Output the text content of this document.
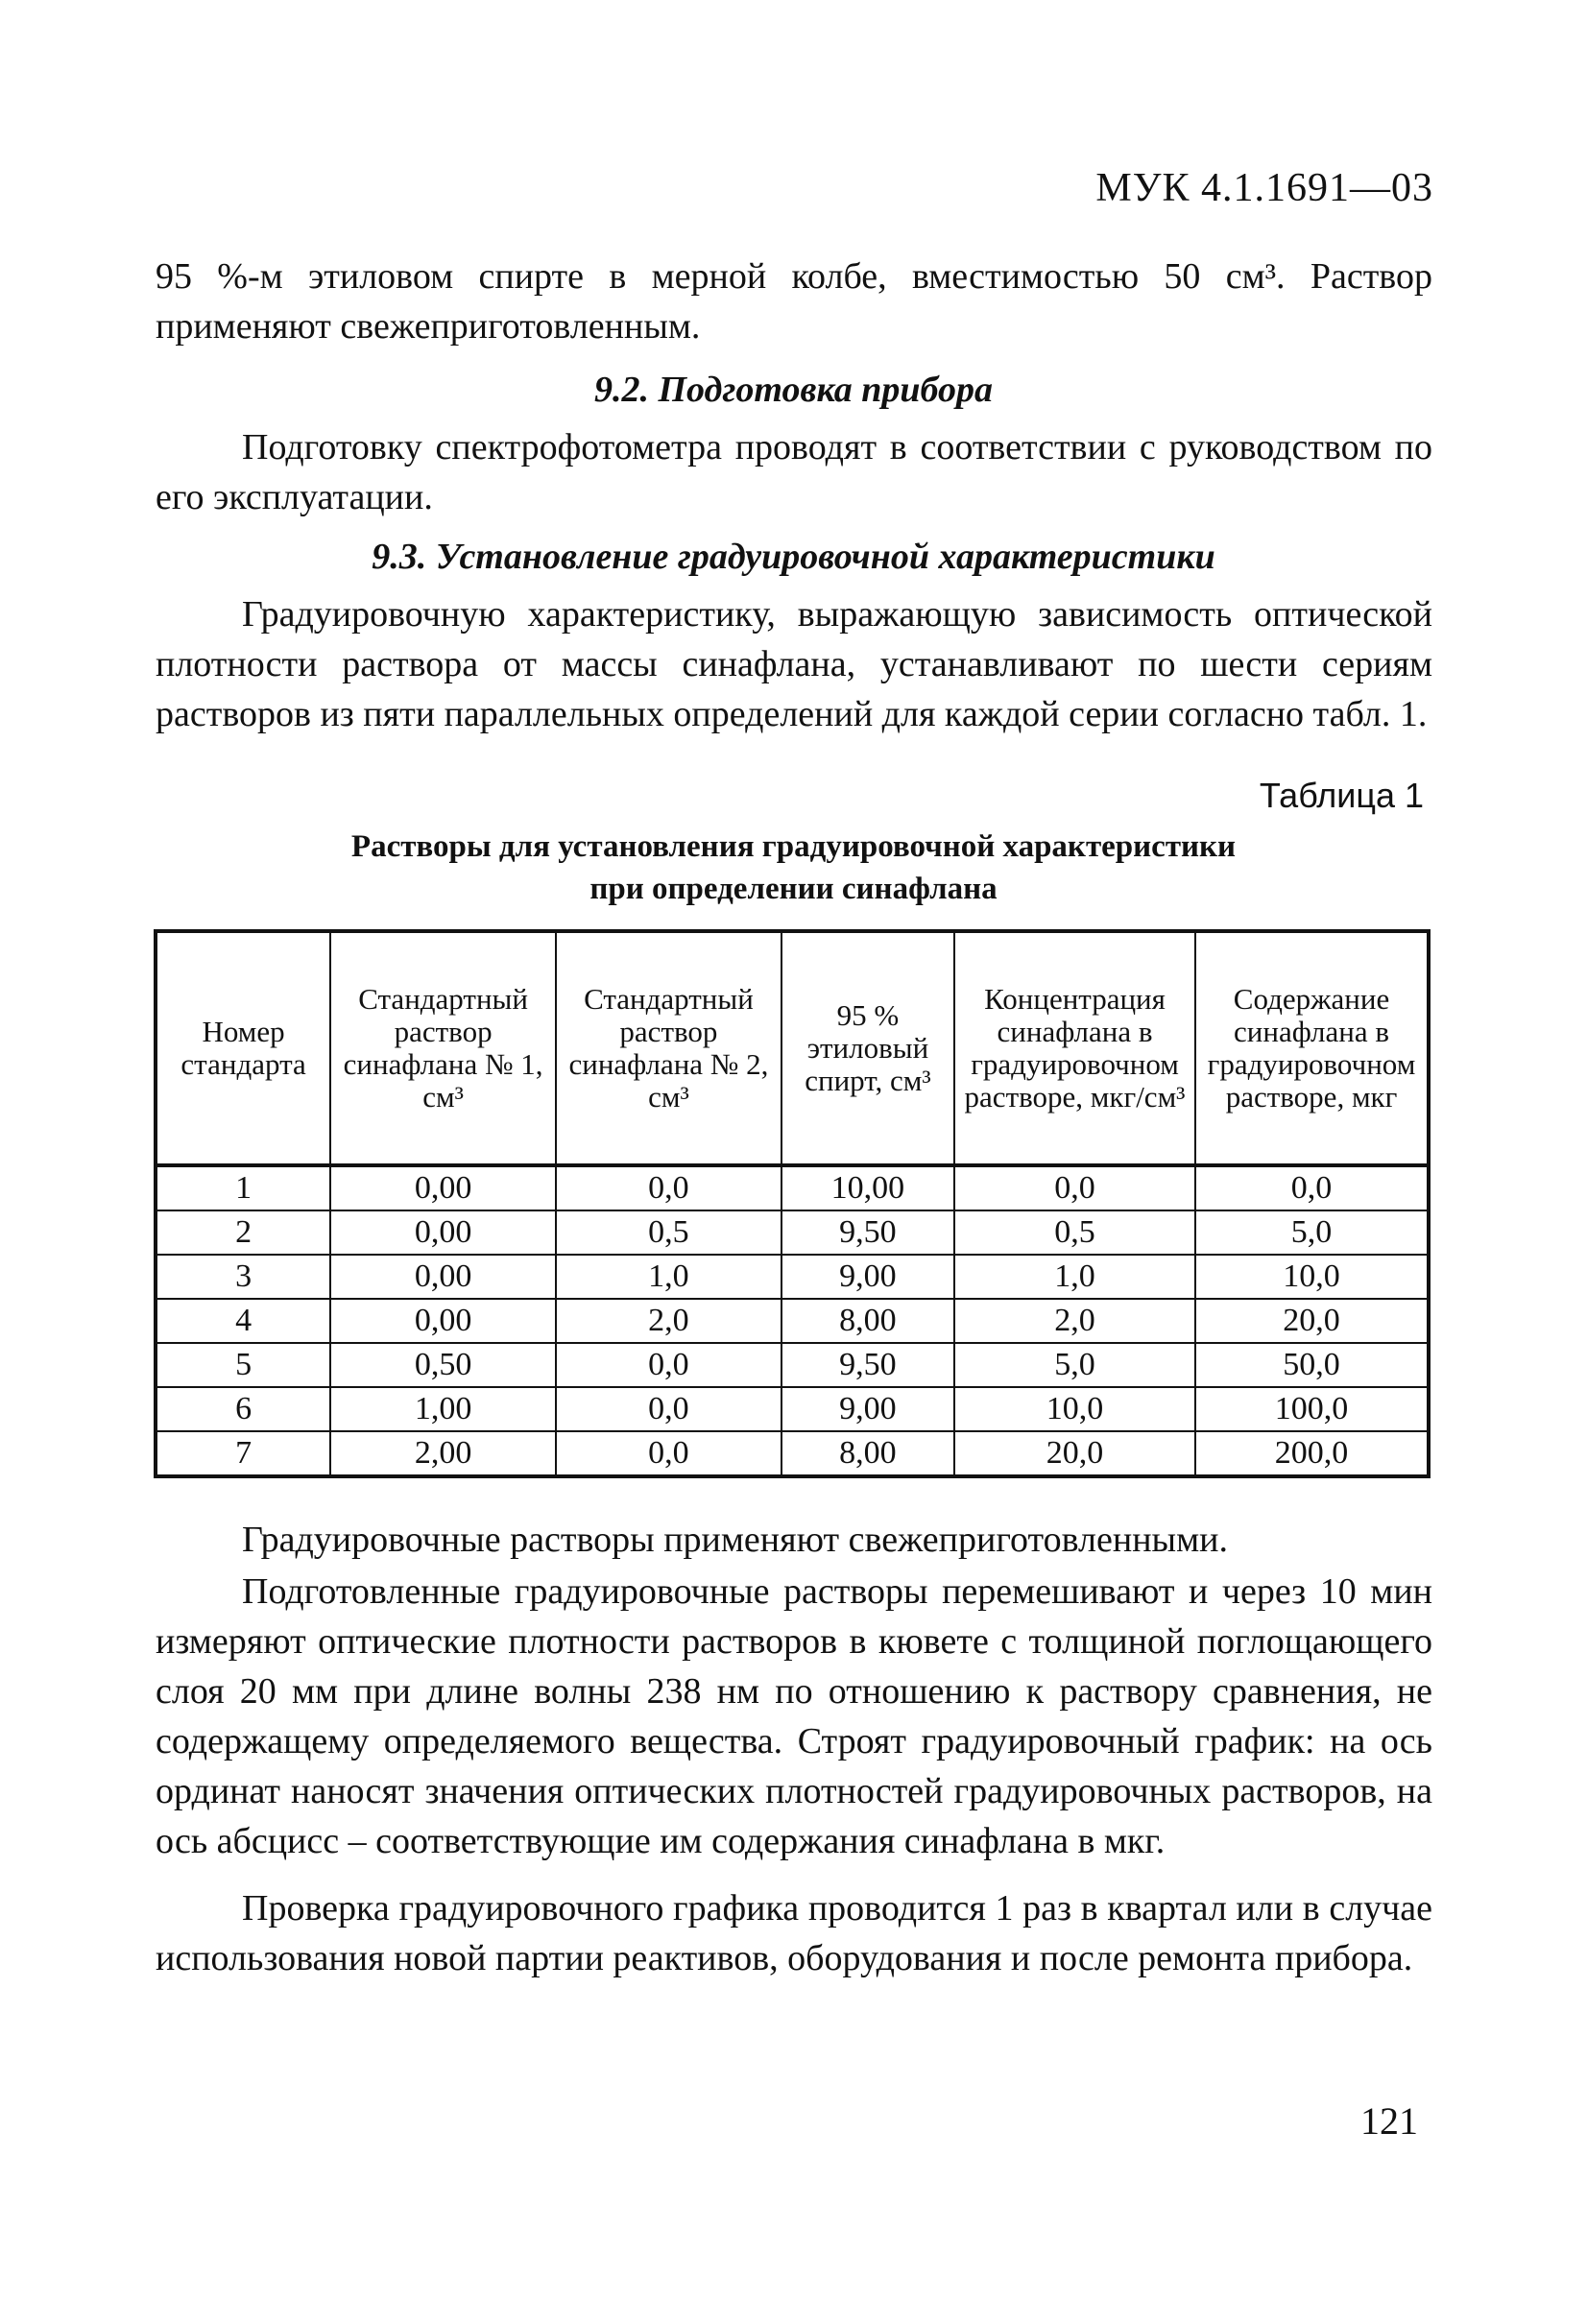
МУК 4.1.1691—03
95 %-м этиловом спирте в мерной колбе, вместимостью 50 см³. Раствор применяют свежеприготовленным.
9.2. Подготовка прибора
Подготовку спектрофотометра проводят в соответствии с руководством по его эксплуатации.
9.3. Установление градуировочной характеристики
Градуировочную характеристику, выражающую зависимость оптической плотности раствора от массы синафлана, устанавливают по шести сериям растворов из пяти параллельных определений для каждой серии согласно табл. 1.
Таблица 1
Растворы для установления градуировочной характеристики
при определении синафлана
Номер стандарта	Стандартный раствор синафлана № 1, см³	Стандартный раствор синафлана № 2, см³	95 % этиловый спирт, см³	Концентрация синафлана в градуировочном растворе, мкг/см³	Содержание синафлана в градуировочном растворе, мкг
1	0,00	0,0	10,00	0,0	0,0
2	0,00	0,5	9,50	0,5	5,0
3	0,00	1,0	9,00	1,0	10,0
4	0,00	2,0	8,00	2,0	20,0
5	0,50	0,0	9,50	5,0	50,0
6	1,00	0,0	9,00	10,0	100,0
7	2,00	0,0	8,00	20,0	200,0
Градуировочные растворы применяют свежеприготовленными.
Подготовленные градуировочные растворы перемешивают и через 10 мин измеряют оптические плотности растворов в кювете с толщиной поглощающего слоя 20 мм при длине волны 238 нм по отношению к раствору сравнения, не содержащему определяемого вещества. Строят градуировочный график: на ось ординат наносят значения оптических плотностей градуировочных растворов, на ось абсцисс – соответствующие им содержания синафлана в мкг.
Проверка градуировочного графика проводится 1 раз в квартал или в случае использования новой партии реактивов, оборудования и после ремонта прибора.
121
